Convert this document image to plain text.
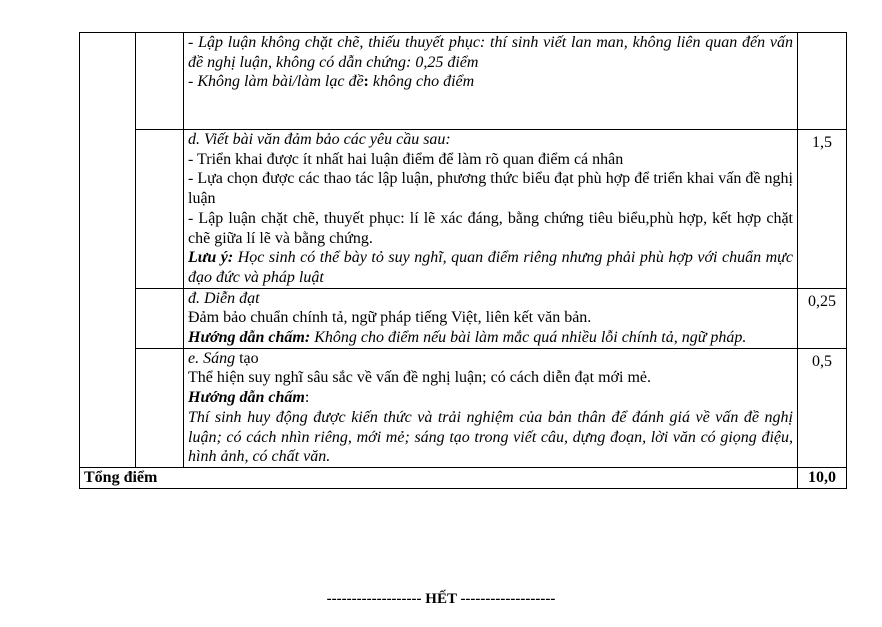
		- Lập luận không chặt chẽ, thiếu thuyết phục: thí sinh viết lan man, không liên quan đến vấn đề nghị luận, không có dẫn chứng: 0,25 điểm
- Không làm bài/làm lạc đề: không cho điểm	

		d. Viết bài văn đảm bảo các yêu cầu sau:
- Triển khai được ít nhất hai luận điểm để làm rõ quan điểm cá nhân
- Lựa chọn được các thao tác lập luận, phương thức biểu đạt phù hợp để triển khai vấn đề nghị luận
- Lập luận chặt chẽ, thuyết phục: lí lẽ xác đáng, bằng chứng tiêu biểu,phù hợp, kết hợp chặt chẽ giữa lí lẽ và bằng chứng.
Lưu ý: Học sinh có thể bày tỏ suy nghĩ, quan điểm riêng nhưng phải phù hợp với chuẩn mực đạo đức và pháp luật	1,5

		đ. Diễn đạt
Đảm bảo chuẩn chính tả, ngữ pháp tiếng Việt, liên kết văn bản.
Hướng dẫn chấm: Không cho điểm nếu bài làm mắc quá nhiều lỗi chính tả, ngữ pháp.	0,25

		e. Sáng tạo
Thể hiện suy nghĩ sâu sắc về vấn đề nghị luận; có cách diễn đạt mới mẻ.
Hướng dẫn chấm:
Thí sinh huy động được kiến thức và trải nghiệm của bản thân để đánh giá về vấn đề nghị luận; có cách nhìn riêng, mới mẻ; sáng tạo trong viết câu, dựng đoạn, lời văn có giọng điệu, hình ảnh, có chất văn.	0,5
Tổng điểm			10,0
------------------- HẾT -------------------
